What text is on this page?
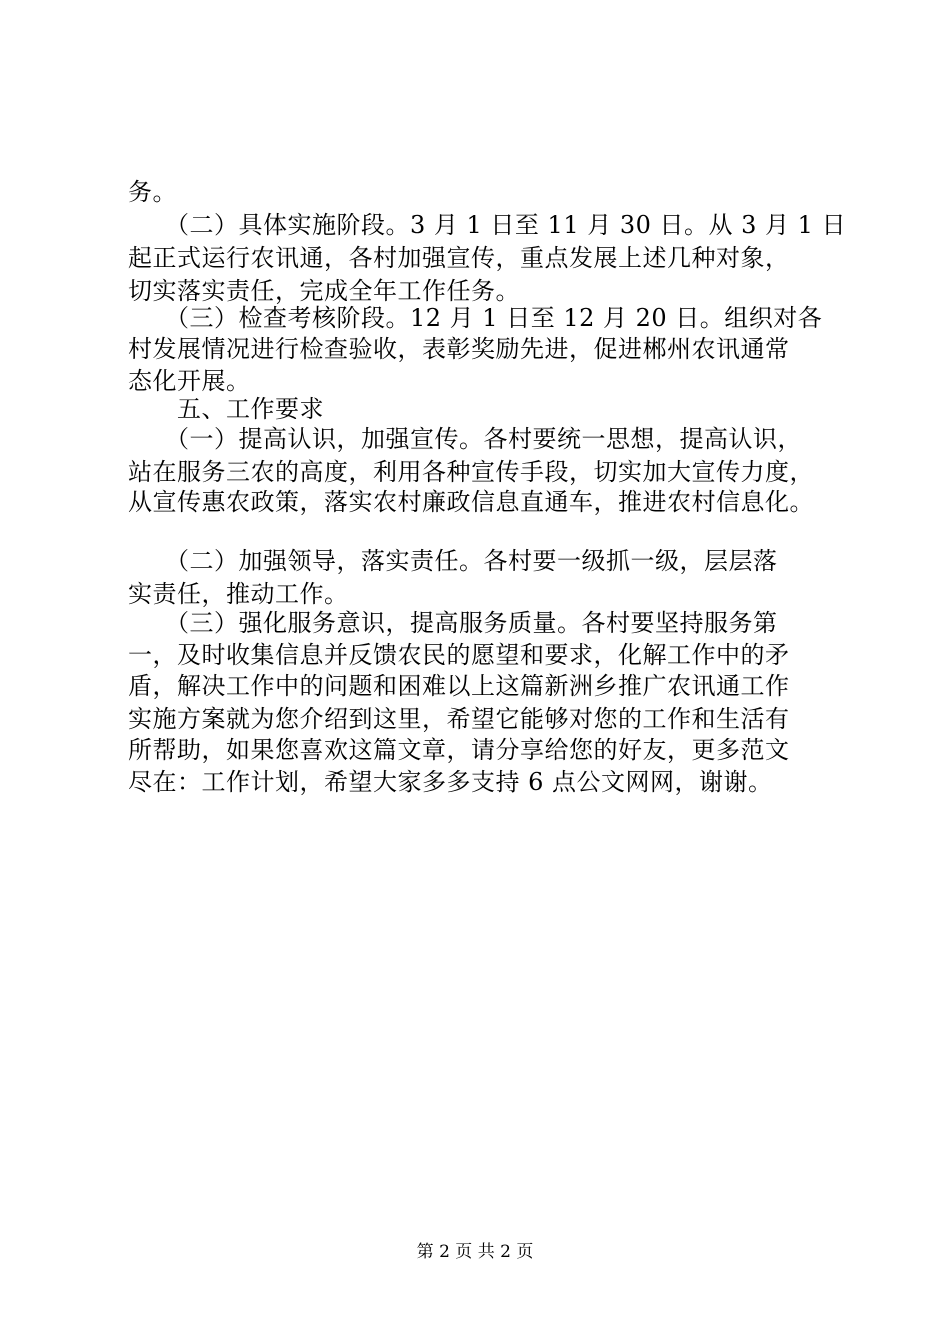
务。
　　（二）具体实施阶段。3 月 1 日至 11 月 30 日。从 3 月 1 日
起正式运行农讯通，各村加强宣传，重点发展上述几种对象，
切实落实责任，完成全年工作任务。
　　（三）检查考核阶段。12 月 1 日至 12 月 20 日。组织对各
村发展情况进行检查验收，表彰奖励先进，促进郴州农讯通常
态化开展。
　　五、工作要求
　　（一）提高认识，加强宣传。各村要统一思想，提高认识，
站在服务三农的高度，利用各种宣传手段，切实加大宣传力度，
从宣传惠农政策，落实农村廉政信息直通车，推进农村信息化。
　　（二）加强领导，落实责任。各村要一级抓一级，层层落
实责任，推动工作。
　　（三）强化服务意识，提高服务质量。各村要坚持服务第
一，及时收集信息并反馈农民的愿望和要求，化解工作中的矛
盾，解决工作中的问题和困难以上这篇新洲乡推广农讯通工作
实施方案就为您介绍到这里，希望它能够对您的工作和生活有
所帮助，如果您喜欢这篇文章，请分享给您的好友，更多范文
尽在：工作计划，希望大家多多支持 6 点公文网网，谢谢。
第 2 页 共 2 页
